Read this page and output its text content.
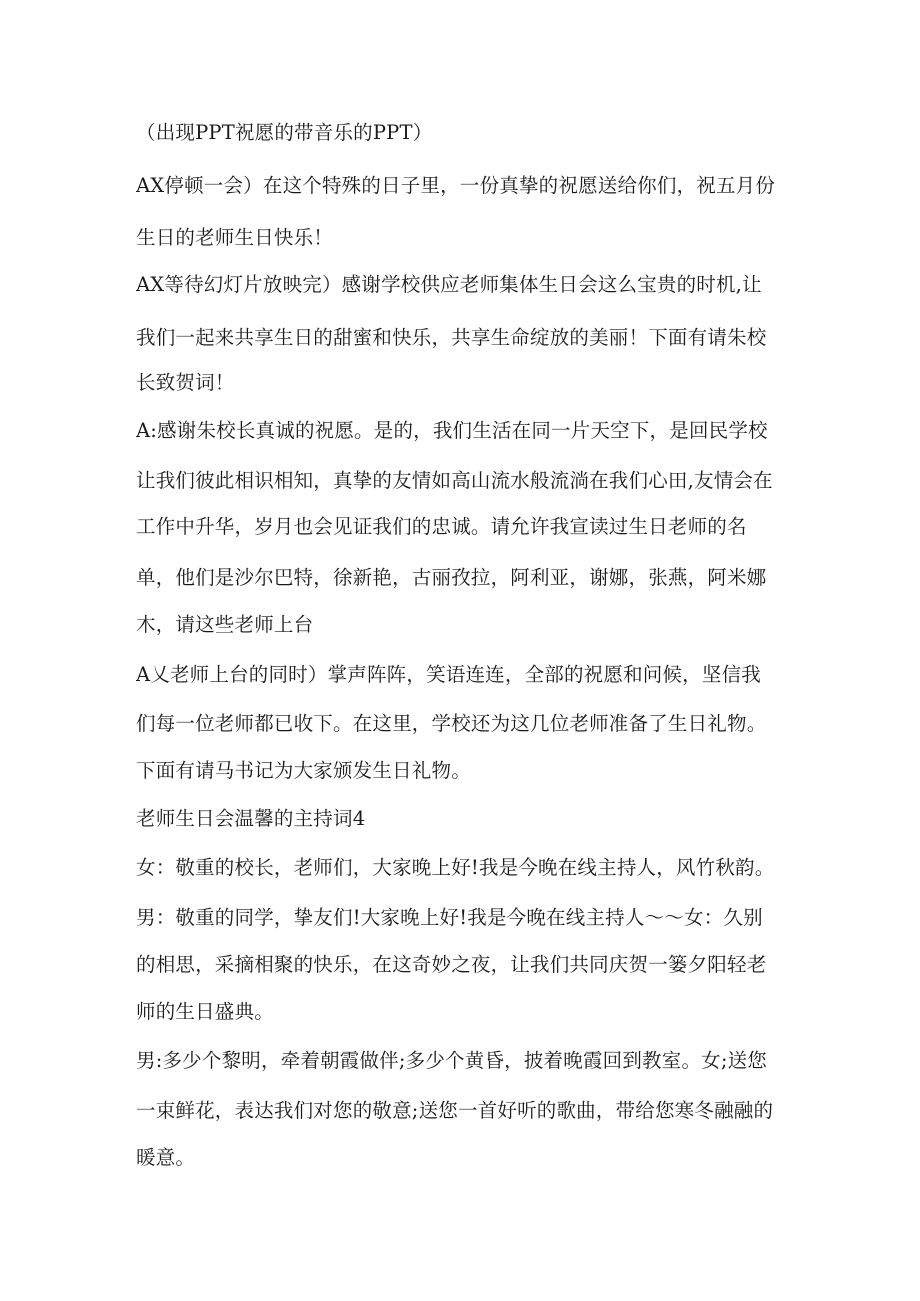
（出现PPT祝愿的带音乐的PPT）
AX停顿一会）在这个特殊的日子里，一份真挚的祝愿送给你们，祝五月份
生日的老师生日快乐！
AX等待幻灯片放映完）感谢学校供应老师集体生日会这么宝贵的时机,让
我们一起来共享生日的甜蜜和快乐，共享生命绽放的美丽！下面有请朱校
长致贺词！
A:感谢朱校长真诚的祝愿。是的，我们生活在同一片天空下，是回民学校
让我们彼此相识相知，真挚的友情如高山流水般流淌在我们心田,友情会在
工作中升华，岁月也会见证我们的忠诚。请允许我宣读过生日老师的名
单，他们是沙尔巴特，徐新艳，古丽孜拉，阿利亚，谢娜，张燕，阿米娜
木，请这些老师上台
A乂老师上台的同时）掌声阵阵，笑语连连，全部的祝愿和问候，坚信我
们每一位老师都已收下。在这里，学校还为这几位老师准备了生日礼物。
下面有请马书记为大家颁发生日礼物。
老师生日会温馨的主持词4
女：敬重的校长，老师们，大家晚上好!我是今晚在线主持人，风竹秋韵。
男：敬重的同学，挚友们!大家晚上好!我是今晚在线主持人～～女：久别
的相思，采摘相聚的快乐，在这奇妙之夜，让我们共同庆贺一篓夕阳轻老
师的生日盛典。
男:多少个黎明，牵着朝霞做伴;多少个黄昏，披着晚霞回到教室。女;送您
一束鲜花，表达我们对您的敬意;送您一首好听的歌曲，带给您寒冬融融的
暖意。
